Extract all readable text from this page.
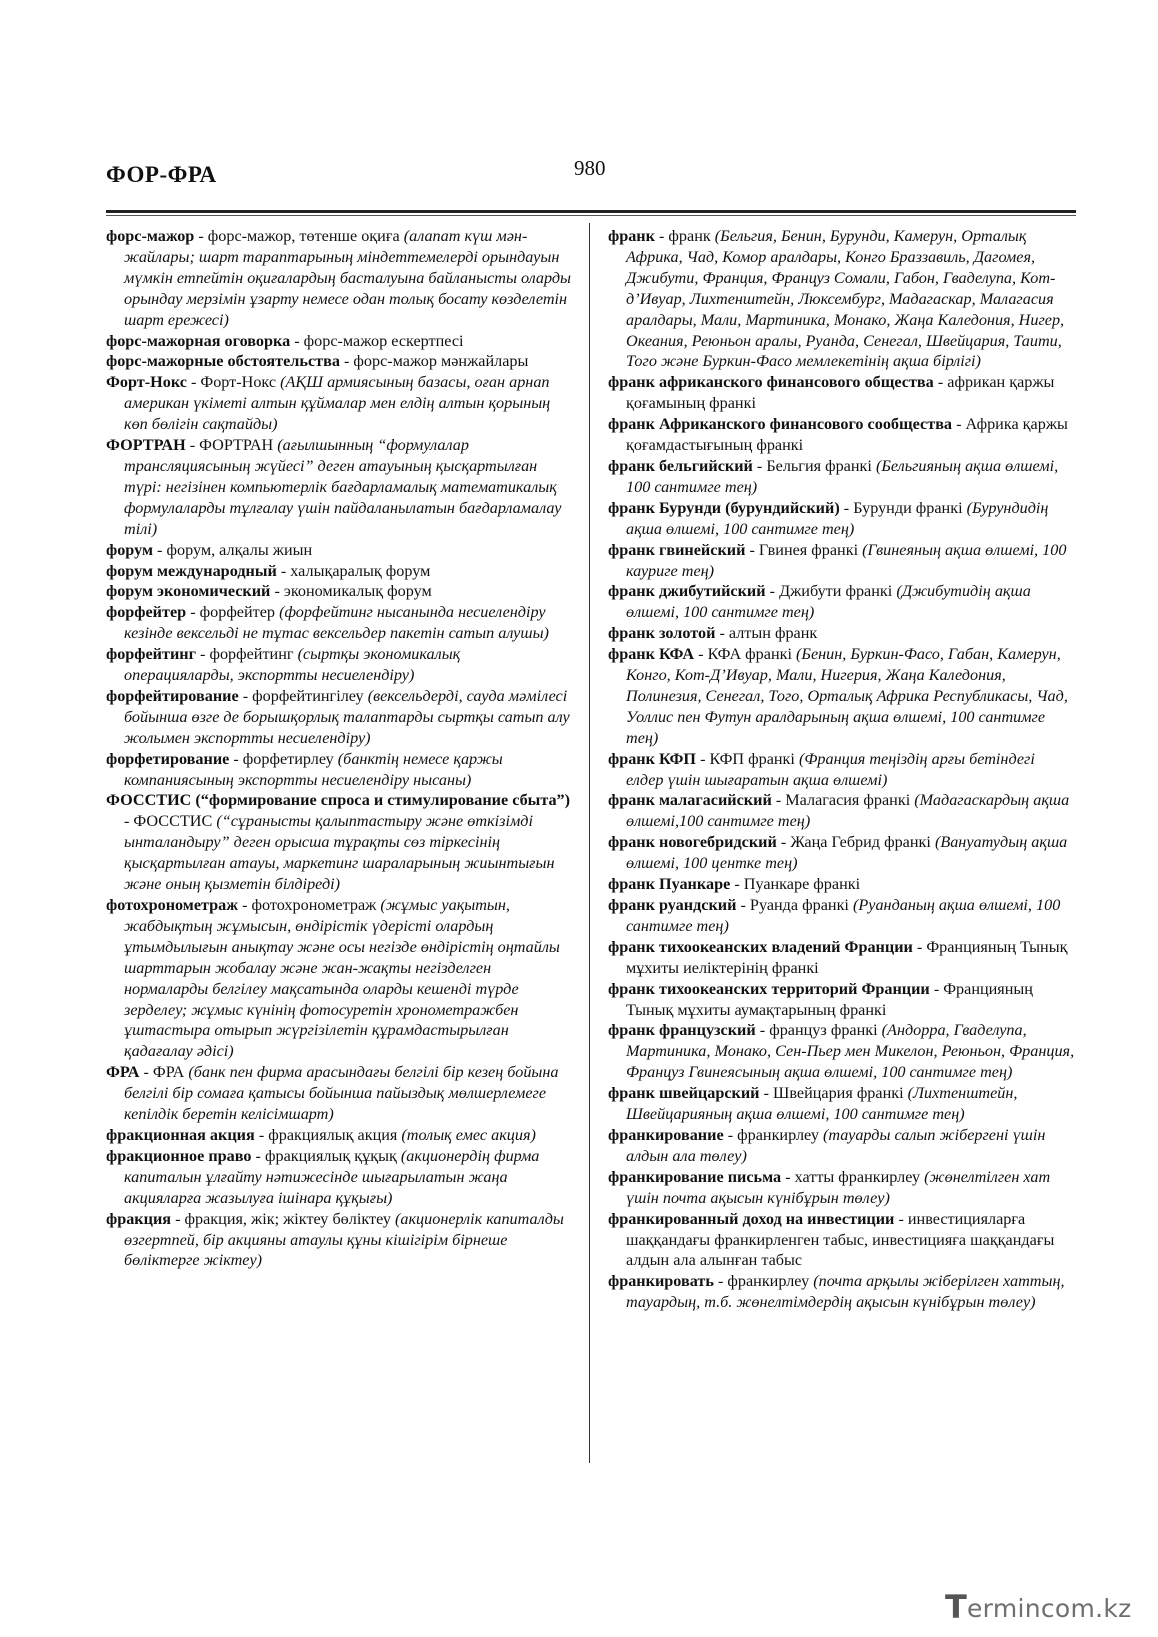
ФОР-ФРА	980

форс-мажор - форс-мажор, төтенше оқиға (алапат күш мән-жайлары; шарт тараптарының міндеттемелерді орындауын мүмкін етпейтін оқиғалардың басталуына байланысты оларды орындау мерзімін ұзарту немесе одан толық босату көзделетін шарт ережесі)

форс-мажорная оговорка - форс-мажор ескертпесі

форс-мажорные обстоятельства - форс-мажор мәнжайлары

Форт-Нокс - Форт-Нокс (АҚШ армиясының базасы, оған арнап американ үкіметі алтын құймалар мен елдің алтын қорының көп бөлігін сақтайды)

ФОРТРАН - ФОРТРАН (ағылшынның “формулалар трансляциясының жүйесі” деген атауының қысқартылған түрі: негізінен компьютерлік бағдарламалық математикалық формулаларды тұлғалау үшін пайдаланылатын бағдарламалау тілі)

форум - форум, алқалы жиын

форум международный - халықаралық форум

форум экономический - экономикалық форум

форфейтер - форфейтер (форфейтинг нысанында несиелендіру кезінде вексельді не тұтас вексельдер пакетін сатып алушы)

форфейтинг - форфейтинг (сыртқы экономикалық операцияларды, экспортты несиелендіру)

форфейтирование - форфейтингілеу (вексельдерді, сауда мәмілесі бойынша өзге де борышқорлық талаптарды сыртқы сатып алу жолымен экспортты несиелендіру)

форфетирование - форфетирлеу (банктің немесе қаржы компаниясының экспортты несиелендіру нысаны)

ФОССТИС (“формирование спроса и стимулирование сбыта”) - ФОССТИС (“сұранысты қалыптастыру және өткізімді ынталандыру” деген орысша тұрақты сөз тіркесінің қысқартылған атауы, маркетинг шараларының жиынтығын және оның қызметін білдіреді)

фотохронометраж - фотохронометраж (жұмыс уақытын, жабдықтың жұмысын, өндірістік үдерісті олардың ұтымдылығын анықтау және осы негізде өндірістің оңтайлы шарттарын жобалау және жан-жақты негізделген нормаларды белгілеу мақсатында оларды кешенді түрде зерделеу; жұмыс күнінің фотосуретін хронометражбен ұштастыра отырып жүргізілетін құрамдастырылған қадағалау әдісі)

ФРА - ФРА (банк пен фирма арасындағы белгілі бір кезең бойына белгілі бір сомаға қатысы бойынша пайыздық мөлшерлемеге кепілдік беретін келісімшарт)

фракционная акция - фракциялық акция (толық емес акция)

фракционное право - фракциялық құқық (акционердің фирма капиталын ұлғайту нәтижесінде шығарылатын жаңа акцияларға жазылуға ішінара құқығы)

фракция - фракция, жік; жіктеу бөліктеу (акционерлік капиталды өзгертпей, бір акцияны атаулы құны кішігірім бірнеше бөліктерге жіктеу)

франк - франк (Бельгия, Бенин, Бурунди, Камерун, Орталық Африка, Чад, Комор аралдары, Конго Браззавиль, Дагомея, Джибути, Франция, Француз Сомали, Габон, Гваделупа, Кот-д’Ивуар, Лихтенштейн, Люксембург, Мадагаскар, Малагасия аралдары, Мали, Мартиника, Монако, Жаңа Каледония, Нигер, Океания, Реюньон аралы, Руанда, Сенегал, Швейцария, Таити, Того және Буркин-Фасо мемлекетінің ақша бірлігі)

франк африканского финансового общества - африкан қаржы қоғамының франкі

франк Африканского финансового сообщества - Африка қаржы қоғамдастығының франкі

франк бельгийский - Бельгия франкі (Бельгияның ақша өлшемі, 100 сантимге тең)

франк Бурунди (бурундийский) - Бурунди франкі (Бурундидің ақша өлшемі, 100 сантимге тең)

франк гвинейский - Гвинея франкі (Гвинеяның ақша өлшемі, 100 кауриге тең)

франк джибутийский - Джибути франкі (Джибутидің ақша өлшемі, 100 сантимге тең)

франк золотой - алтын франк

франк КФА - КФА франкі (Бенин, Буркин-Фасо, Габан, Камерун, Конго, Кот-Д’Ивуар, Мали, Нигерия, Жаңа Каледония, Полинезия, Сенегал, Того, Орталық Африка Республикасы, Чад, Уоллис пен Футун аралдарының ақша өлшемі, 100 сантимге тең)

франк КФП - КФП франкі (Франция теңіздің арғы бетіндегі елдер үшін шығаратын ақша өлшемі)

франк малагасийский - Малагасия франкі (Мадагаскардың ақша өлшемі,100 сантимге тең)

франк новогебридский - Жаңа Гебрид франкі (Вануатудың ақша өлшемі, 100 центке тең)

франк Пуанкаре - Пуанкаре франкі

франк руандский - Руанда франкі (Руанданың ақша өлшемі, 100 сантимге тең)

франк тихоокеанских владений Франции - Францияның Тынық мұхиты иеліктерінің франкі

франк тихоокеанских территорий Франции - Францияның Тынық мұхиты аумақтарының франкі

франк французский - француз франкі (Андорра, Гваделупа, Мартиника, Монако, Сен-Пьер мен Микелон, Реюньон, Франция, Француз Гвинеясының ақша өлшемі, 100 сантимге тең)

франк швейцарский - Швейцария франкі (Лихтенштейн, Швейцарияның ақша өлшемі, 100 сантимге тең)

франкирование - франкирлеу (тауарды салып жібергені үшін алдын ала төлеу)

франкирование письма - хатты франкирлеу (жөнелтілген хат үшін почта ақысын күнібұрын төлеу)

франкированный доход на инвестиции - инвестицияларға шаққандағы франкирленген табыс, инвестицияға шаққандағы алдын ала алынған табыс

франкировать - франкирлеу (почта арқылы жіберілген хаттың, тауардың, т.б. жөнелтімдердің ақысын күнібұрын төлеу)

T ermincom.kz
